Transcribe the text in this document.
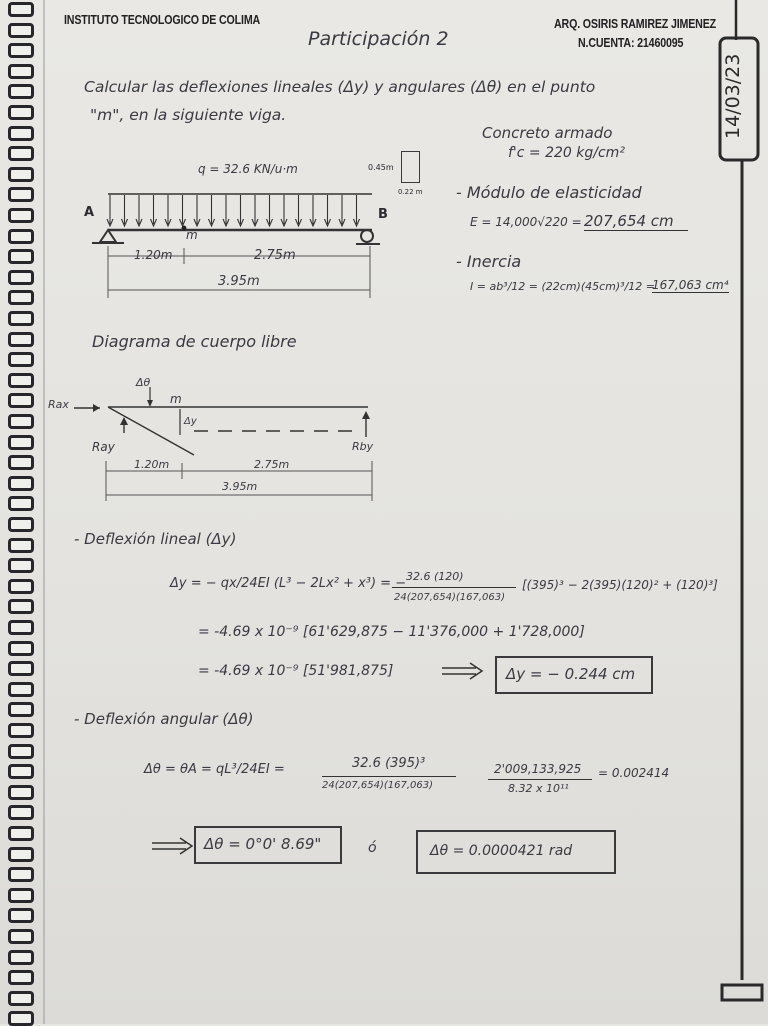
14/03/23
INSTITUTO TECNOLOGICO DE COLIMA	ARQ. OSIRIS RAMIREZ JIMENEZ
N.CUENTA: 21460095
Participación 2
Calcular las deflexiones lineales (Δy) y angulares (Δθ) en el punto
"m", en la siguiente viga.
Concreto armado
f'c = 220 kg/cm²
q = 32.6 KN/u·m
A	B
m
1.20m	2.75m
3.95m
0.45m
0.22 m - Módulo de elasticidad
E = 14,000√220 = 207,654 cm
- Inercia
I = ab³/12 = (22cm)(45cm)³/12 =
167,063 cm⁴
Diagrama de cuerpo libre
Rax
Ray	Rby
Δθ
m
Δy
1.20m	2.75m
3.95m
- Deflexión lineal (Δy)
Δy = − qx/24EI (L³ − 2Lx² + x³) = − 32.6 (120)
24(207,654)(167,063)
[(395)³ − 2(395)(120)² + (120)³]
= -4.69 x 10⁻⁹ [61'629,875 − 11'376,000 + 1'728,000]
= -4.69 x 10⁻⁹ [51'981,875]	Δy = − 0.244 cm
- Deflexión angular (Δθ)
Δθ = θA = qL³/24EI =	32.6 (395)³
24(207,654)(167,063)
2'009,133,925
8.32 x 10¹¹
= 0.002414
Δθ = 0°0' 8.69"	ó	Δθ = 0.0000421 rad
